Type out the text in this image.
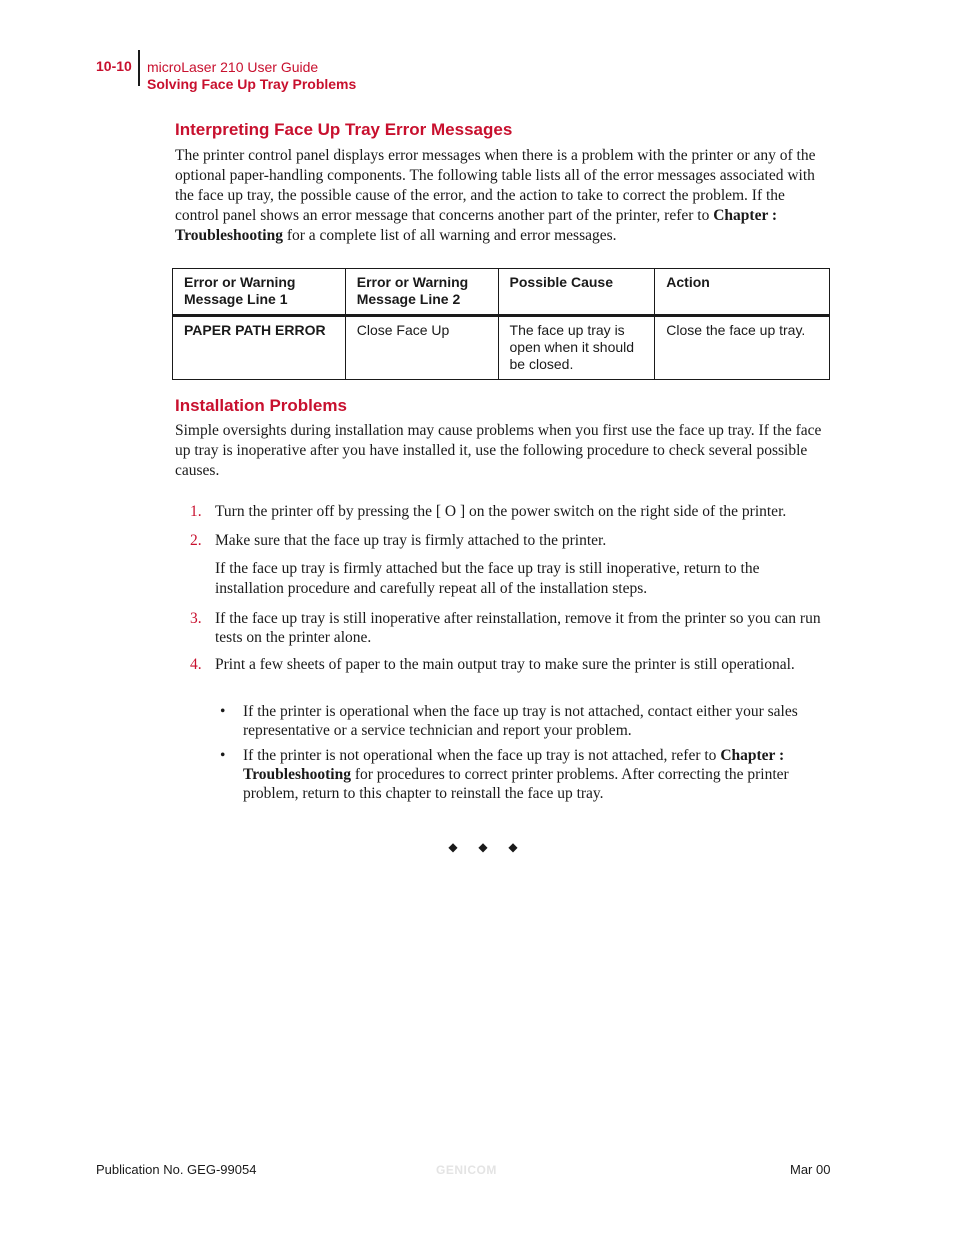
10-10 microLaser 210 User Guide
Solving Face Up Tray Problems
Interpreting Face Up Tray Error Messages

The printer control panel displays error messages when there is a problem with the printer or any of the optional paper-handling components. The following table lists all of the error messages associated with the face up tray, the possible cause of the error, and the action to take to correct the problem. If the control panel shows an error message that concerns another part of the printer, refer to Chapter : Troubleshooting for a complete list of all warning and error messages.

Error or Warning Message Line 1	Error or Warning Message Line 2	Possible Cause	Action
PAPER PATH ERROR	Close Face Up	The face up tray is open when it should be closed.	Close the face up tray.
Installation Problems

Simple oversights during installation may cause problems when you first use the face up tray. If the face up tray is inoperative after you have installed it, use the following procedure to check several possible causes.

1. Turn the printer off by pressing the [ O ] on the power switch on the right side of the printer.
2. Make sure that the face up tray is firmly attached to the printer.
If the face up tray is firmly attached but the face up tray is still inoperative, return to the installation procedure and carefully repeat all of the installation steps.
3. If the face up tray is still inoperative after reinstallation, remove it from the printer so you can run tests on the printer alone.
4. Print a few sheets of paper to the main output tray to make sure the printer is still operational.
• If the printer is operational when the face up tray is not attached, contact either your sales representative or a service technician and report your problem.
• If the printer is not operational when the face up tray is not attached, refer to Chapter : Troubleshooting for procedures to correct printer problems. After correcting the printer problem, return to this chapter to reinstall the face up tray.
◆ ◆ ◆
Publication No. GEG-99054	GENICOM	Mar 00
